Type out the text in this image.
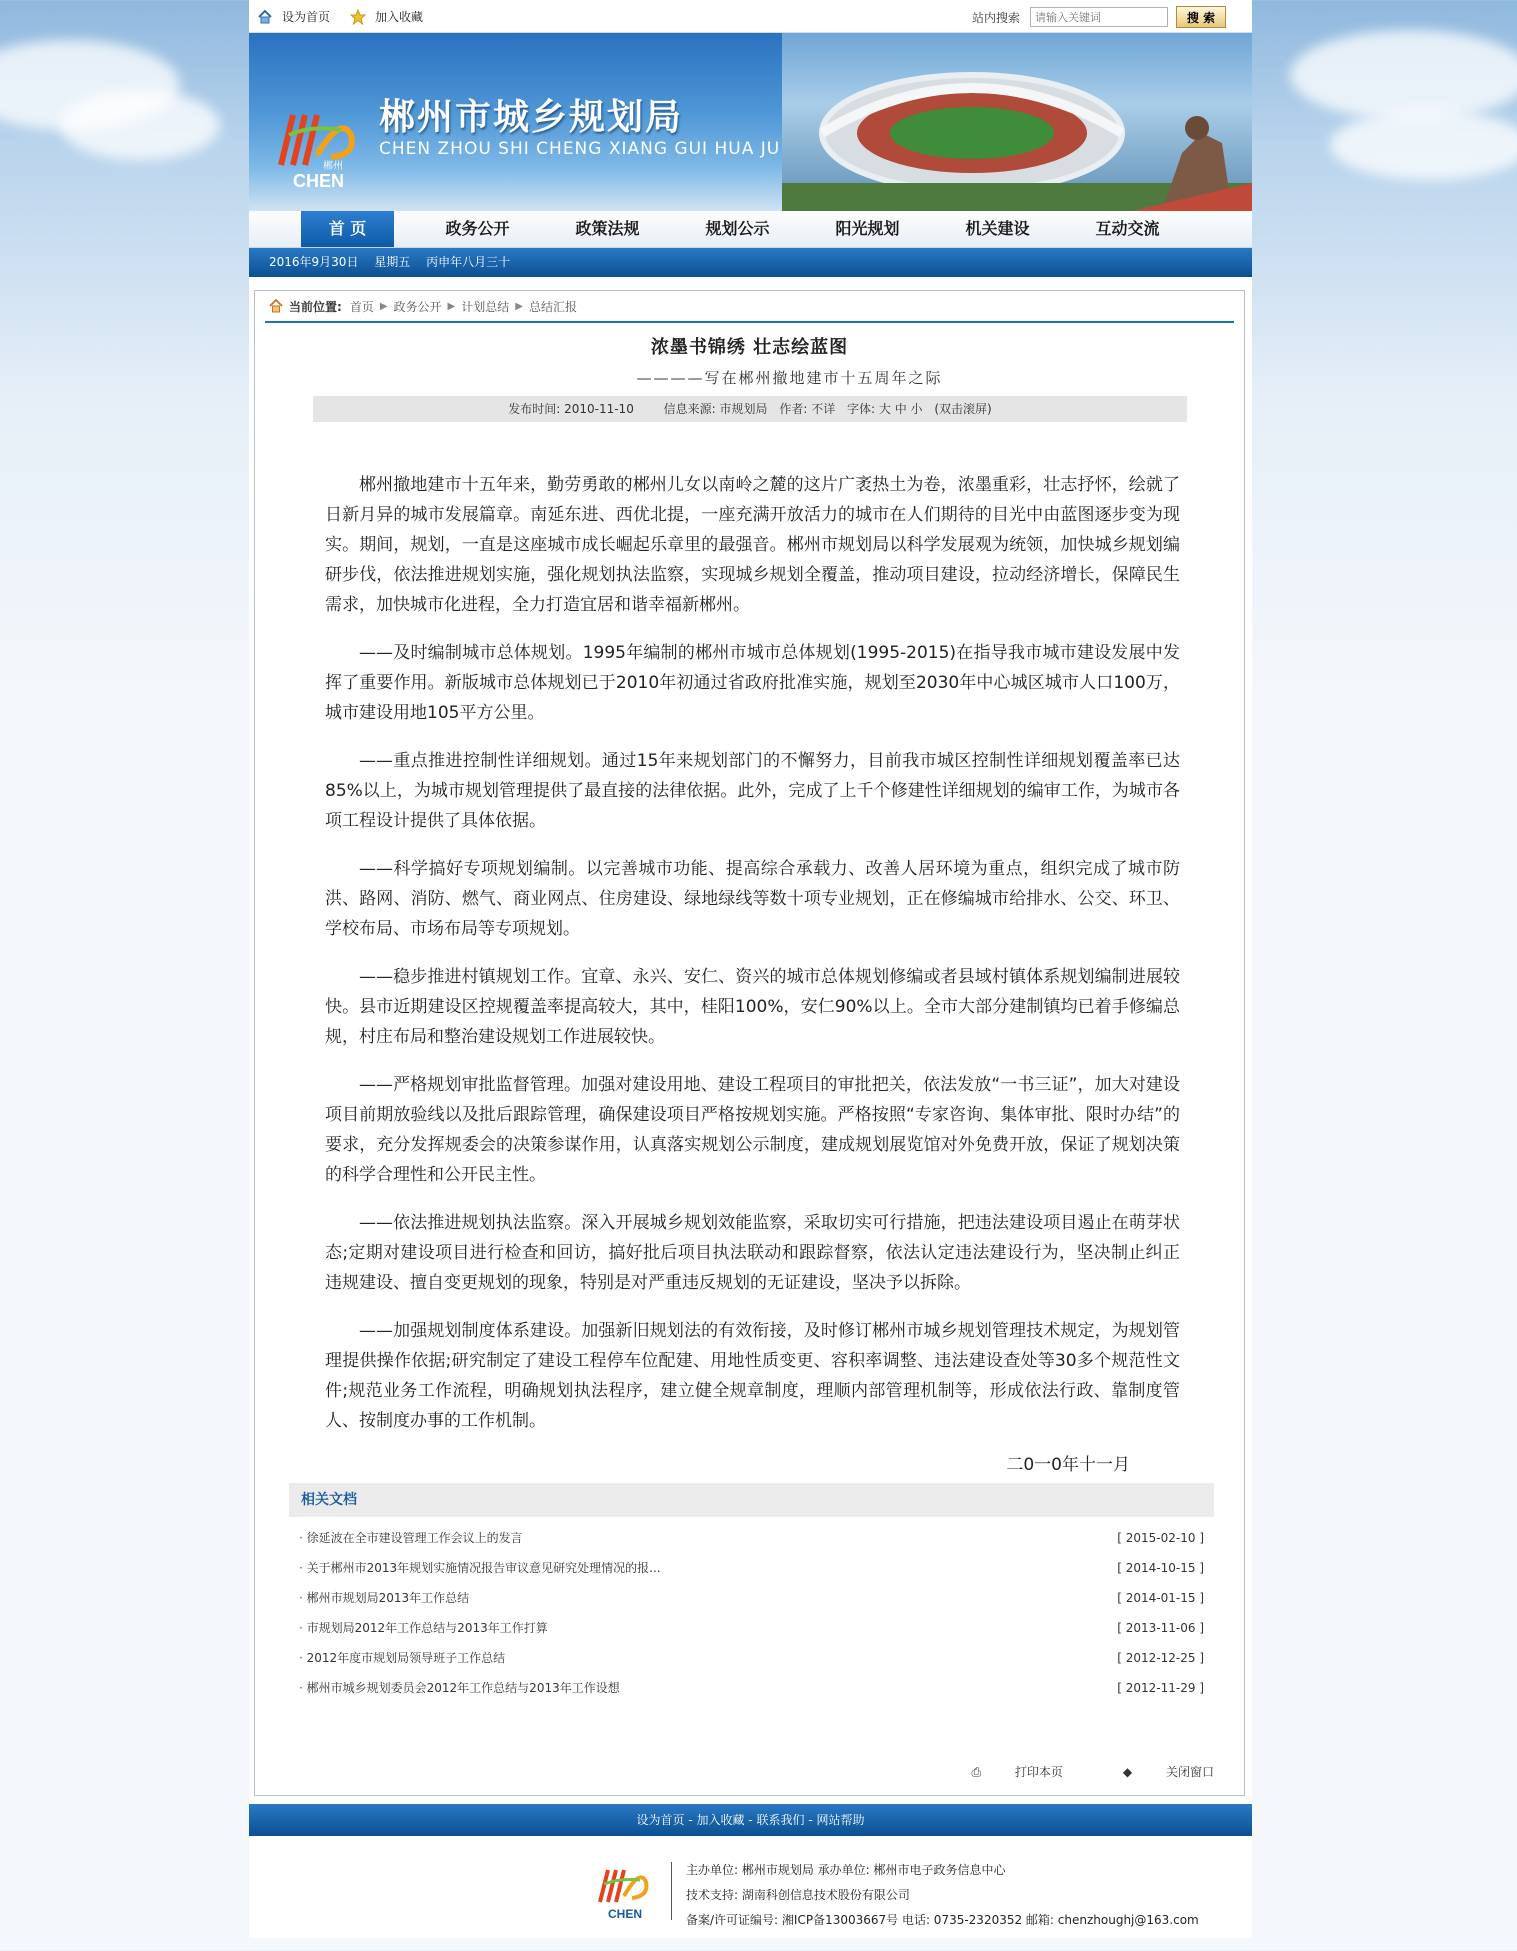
设为首页	加入收藏	站内搜索
请输入关键词	搜 索
CHEN
郴州
郴州市城乡规划局
CHEN ZHOU SHI CHENG XIANG GUI HUA JU
首 页	政务公开	政策法规	规划公示	阳光规划	机关建设	互动交流
2016年9月30日 星期五 丙申年八月三十
当前位置: 首页 ▶ 政务公开 ▶ 计划总结 ▶ 总结汇报
浓墨书锦绣 壮志绘蓝图
————写在郴州撤地建市十五周年之际
发布时间: 2010-11-10 信息来源: 市规划局 作者: 不详 字体: 大 中 小 (双击滚屏)

郴州撤地建市十五年来，勤劳勇敢的郴州儿女以南岭之麓的这片广袤热土为卷，浓墨重彩，壮志抒怀，绘就了日新月异的城市发展篇章。南延东进、西优北提，一座充满开放活力的城市在人们期待的目光中由蓝图逐步变为现实。期间，规划，一直是这座城市成长崛起乐章里的最强音。郴州市规划局以科学发展观为统领，加快城乡规划编研步伐，依法推进规划实施，强化规划执法监察，实现城乡规划全覆盖，推动项目建设，拉动经济增长，保障民生需求，加快城市化进程，全力打造宜居和谐幸福新郴州。

——及时编制城市总体规划。1995年编制的郴州市城市总体规划(1995-2015)在指导我市城市建设发展中发挥了重要作用。新版城市总体规划已于2010年初通过省政府批准实施，规划至2030年中心城区城市人口100万，城市建设用地105平方公里。

——重点推进控制性详细规划。通过15年来规划部门的不懈努力，目前我市城区控制性详细规划覆盖率已达85%以上，为城市规划管理提供了最直接的法律依据。此外，完成了上千个修建性详细规划的编审工作，为城市各项工程设计提供了具体依据。

——科学搞好专项规划编制。以完善城市功能、提高综合承载力、改善人居环境为重点，组织完成了城市防洪、路网、消防、燃气、商业网点、住房建设、绿地绿线等数十项专业规划，正在修编城市给排水、公交、环卫、学校布局、市场布局等专项规划。

——稳步推进村镇规划工作。宜章、永兴、安仁、资兴的城市总体规划修编或者县域村镇体系规划编制进展较快。县市近期建设区控规覆盖率提高较大，其中，桂阳100%，安仁90%以上。全市大部分建制镇均已着手修编总规，村庄布局和整治建设规划工作进展较快。

——严格规划审批监督管理。加强对建设用地、建设工程项目的审批把关，依法发放“一书三证”，加大对建设项目前期放验线以及批后跟踪管理，确保建设项目严格按规划实施。严格按照“专家咨询、集体审批、限时办结”的要求，充分发挥规委会的决策参谋作用，认真落实规划公示制度，建成规划展览馆对外免费开放，保证了规划决策的科学合理性和公开民主性。

——依法推进规划执法监察。深入开展城乡规划效能监察，采取切实可行措施，把违法建设项目遏止在萌芽状态;定期对建设项目进行检查和回访，搞好批后项目执法联动和跟踪督察，依法认定违法建设行为，坚决制止纠正违规建设、擅自变更规划的现象，特别是对严重违反规划的无证建设，坚决予以拆除。

——加强规划制度体系建设。加强新旧规划法的有效衔接，及时修订郴州市城乡规划管理技术规定，为规划管理提供操作依据;研究制定了建设工程停车位配建、用地性质变更、容积率调整、违法建设查处等30多个规范性文件;规范业务工作流程，明确规划执法程序，建立健全规章制度，理顺内部管理机制等，形成依法行政、靠制度管人、按制度办事的工作机制。

二0一0年十一月
相关文档
· 徐延波在全市建设管理工作会议上的发言	[ 2015-02-10 ]
· 关于郴州市2013年规划实施情况报告审议意见研究处理情况的报...	[ 2014-10-15 ]
· 郴州市规划局2013年工作总结	[ 2014-01-15 ]
· 市规划局2012年工作总结与2013年工作打算	[ 2013-11-06 ]
· 2012年度市规划局领导班子工作总结	[ 2012-12-25 ]
· 郴州市城乡规划委员会2012年工作总结与2013年工作设想	[ 2012-11-29 ]
⎙	打印本页	◆	关闭窗口
设为首页 - 加入收藏 - 联系我们 - 网站帮助
CHEN
主办单位: 郴州市规划局 承办单位: 郴州市电子政务信息中心
技术支持: 湖南科创信息技术股份有限公司
备案/许可证编号: 湘ICP备13003667号 电话: 0735-2320352 邮箱: chenzhoughj@163.com
